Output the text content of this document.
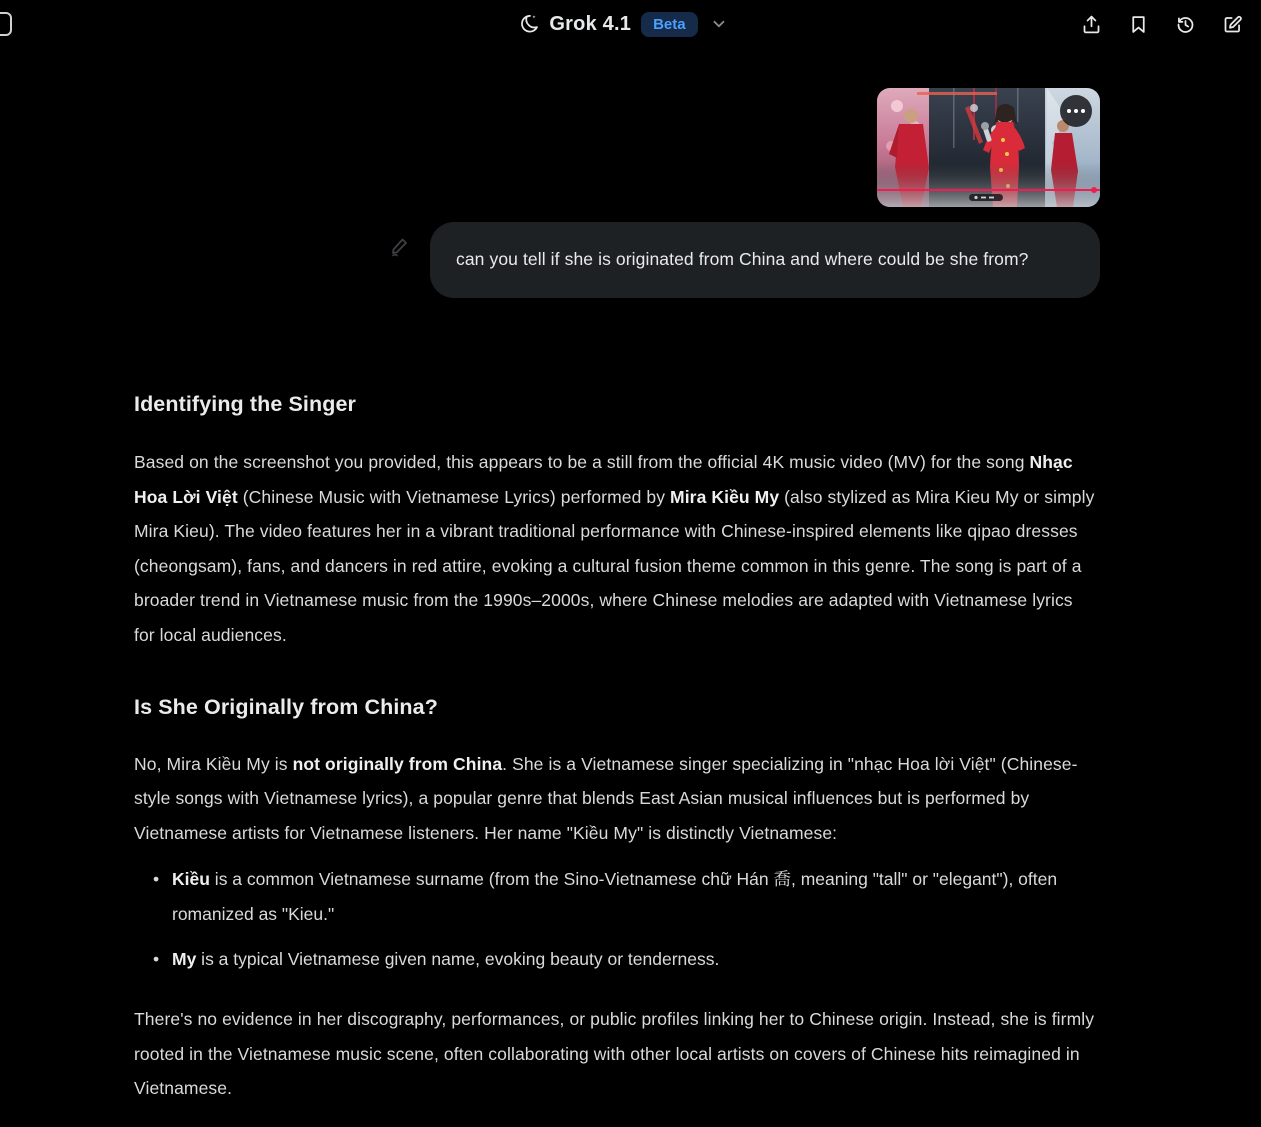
Grok 4.1	Beta
can you tell if she is originated from China and where could be she from?
Identifying the Singer

Based on the screenshot you provided, this appears to be a still from the official 4K music video (MV) for the song Nhạc Hoa Lời Việt (Chinese Music with Vietnamese Lyrics) performed by Mira Kiều My (also stylized as Mira Kieu My or simply Mira Kieu). The video features her in a vibrant traditional performance with Chinese-inspired elements like qipao dresses (cheongsam), fans, and dancers in red attire, evoking a cultural fusion theme common in this genre. The song is part of a broader trend in Vietnamese music from the 1990s–2000s, where Chinese melodies are adapted with Vietnamese lyrics for local audiences.

Is She Originally from China?

No, Mira Kiều My is not originally from China. She is a Vietnamese singer specializing in "nhạc Hoa lời Việt" (Chinese-style songs with Vietnamese lyrics), a popular genre that blends East Asian musical influences but is performed by Vietnamese artists for Vietnamese listeners. Her name "Kiều My" is distinctly Vietnamese:

• Kiều is a common Vietnamese surname (from the Sino-Vietnamese chữ Hán 喬, meaning "tall" or "elegant"), often romanized as "Kieu."
• My is a typical Vietnamese given name, evoking beauty or tenderness.

There's no evidence in her discography, performances, or public profiles linking her to Chinese origin. Instead, she is firmly rooted in the Vietnamese music scene, often collaborating with other local artists on covers of Chinese hits reimagined in Vietnamese.
